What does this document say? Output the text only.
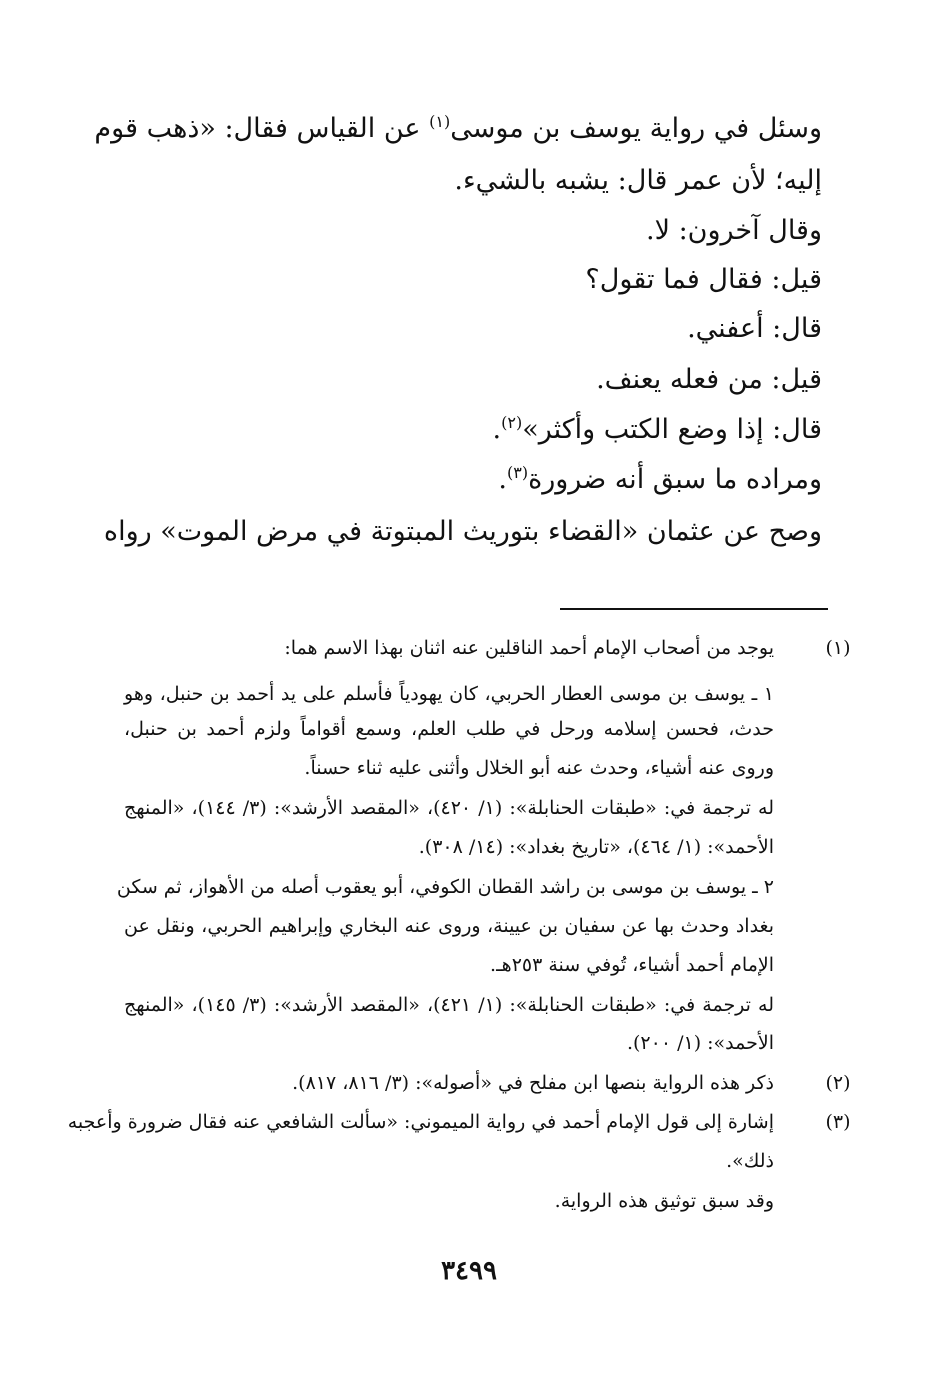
وسئل في رواية يوسف بن موسى$^{(١)}$ عن القياس فقال: «ذهب قوم
إليه؛ لأن عمر قال: يشبه بالشيء.
وقال آخرون: لا.
قيل: فقال فما تقول؟
قال: أعفني.
قيل: من فعله يعنف.
قال: إذا وضع الكتب وأكثر»$^{(٢)}$.
ومراده ما سبق أنه ضرورة$^{(٣)}$.
وصح عن عثمان «القضاء بتوريث المبتوتة في مرض الموت» رواه
(١)
يوجد من أصحاب الإمام أحمد الناقلين عنه اثنان بهذا الاسم هما:
١ ـ يوسف بن موسى العطار الحربي، كان يهودياً فأسلم على يد أحمد بن حنبل، وهو
حدث، فحسن إسلامه ورحل في طلب العلم، وسمع أقواماً ولزم أحمد بن حنبل،
وروى عنه أشياء، وحدث عنه أبو الخلال وأثنى عليه ثناء حسناً.
له ترجمة في: «طبقات الحنابلة»: (١/ ٤٢٠)، «المقصد الأرشد»: (٣/ ١٤٤)، «المنهج
الأحمد»: (١/ ٤٦٤)، «تاريخ بغداد»: (١٤/ ٣٠٨).
٢ ـ يوسف بن موسى بن راشد القطان الكوفي، أبو يعقوب أصله من الأهواز، ثم سكن
بغداد وحدث بها عن سفيان بن عيينة، وروى عنه البخاري وإبراهيم الحربي، ونقل عن
الإمام أحمد أشياء، تُوفي سنة ٢٥٣هـ.
له ترجمة في: «طبقات الحنابلة»: (١/ ٤٢١)، «المقصد الأرشد»: (٣/ ١٤٥)، «المنهج
الأحمد»: (١/ ٢٠٠).
(٢)
ذكر هذه الرواية بنصها ابن مفلح في «أصوله»: (٣/ ٨١٦، ٨١٧).
(٣)
إشارة إلى قول الإمام أحمد في رواية الميموني: «سألت الشافعي عنه فقال ضرورة وأعجبه
ذلك».
وقد سبق توثيق هذه الرواية.
٣٤٩٩
